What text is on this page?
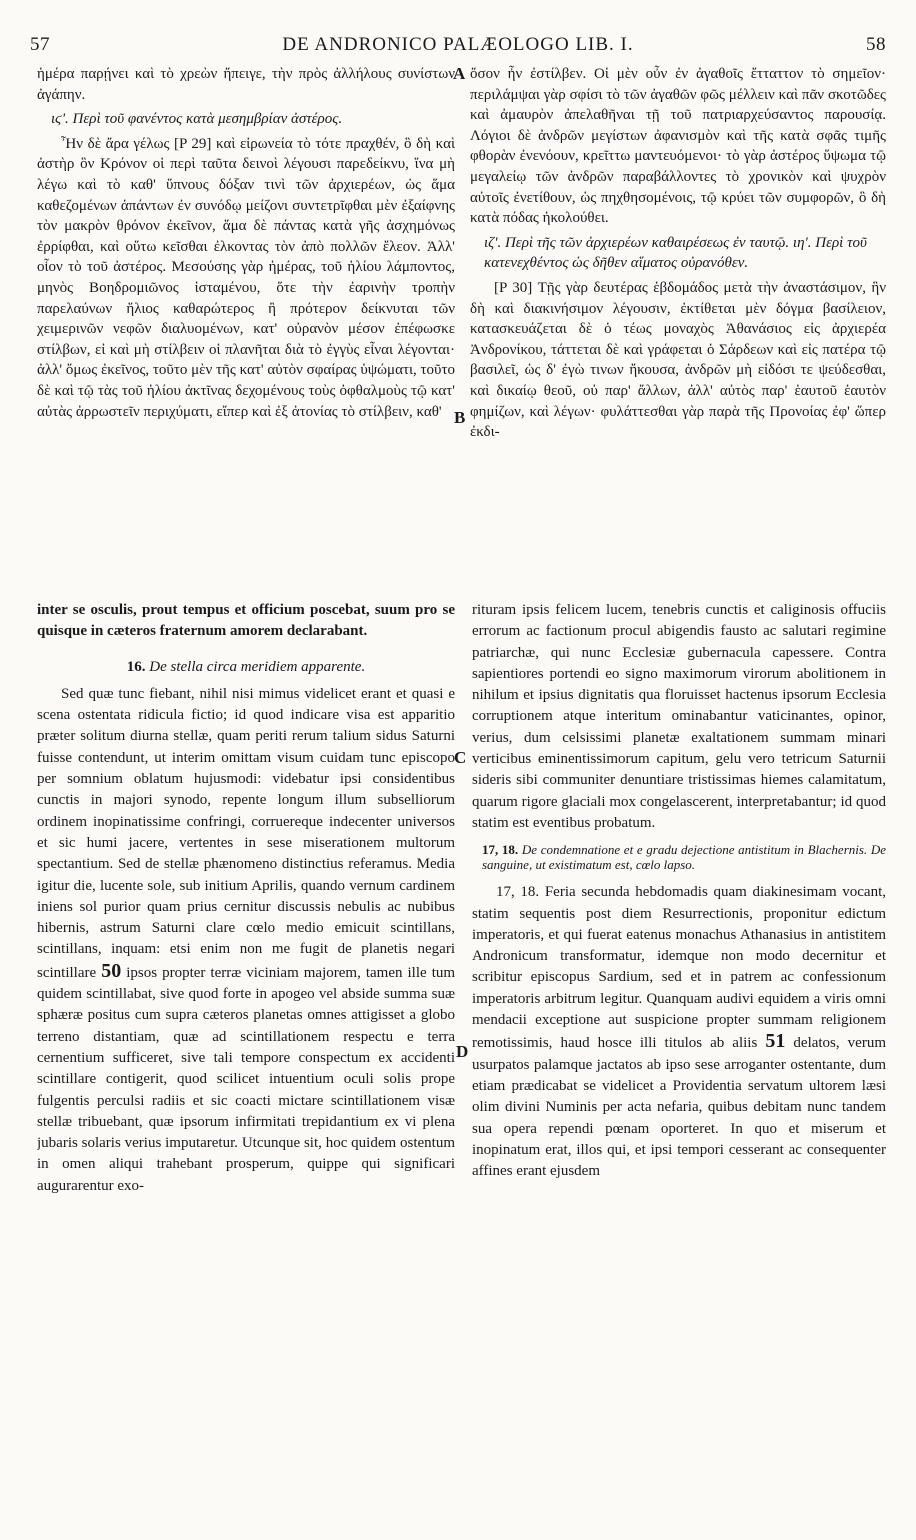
57	DE ANDRONICO PALÆOLOGO LIB. I.	58

ἡμέρα παρῄνει καὶ τὸ χρεὼν ἤπειγε, τὴν πρὸς ἀλλήλους συνίστων ἀγάπην.

ιϛ'. Περὶ τοῦ φανέντος κατὰ μεσημβρίαν ἀστέρος.

Ἦν δὲ ἄρα γέλως [P 29] καὶ εἰρωνεία τὸ τότε πραχθέν, ὃ δὴ καὶ ἀστὴρ ὃν Κρόνον οἱ περὶ ταῦτα δεινοὶ λέγουσι παρεδείκνυ, ἵνα μὴ λέγω καὶ τὸ καθ' ὕπνους δόξαν τινὶ τῶν ἀρχιερέων, ὡς ἅμα καθεζομένων ἁπάντων ἐν συνόδῳ μείζονι συντετρῖφθαι μὲν ἐξαίφνης τὸν μακρὸν θρόνον ἐκεῖνον, ἅμα δὲ πάντας κατὰ γῆς ἀσχημόνως ἐρρίφθαι, καὶ οὕτω κεῖσθαι ἐλκοντας τὸν ἀπὸ πολλῶν ἔλεον. Ἀλλ' οἷον τὸ τοῦ ἀστέρος. Μεσούσης γὰρ ἡμέρας, τοῦ ἡλίου λάμποντος, μηνὸς Βοηδρομιῶνος ἱσταμένου, ὅτε τὴν ἐαρινὴν τροπὴν παρελαύνων ἥλιος καθαρώτερος ἢ πρότερον δείκνυται τῶν χειμερινῶν νεφῶν διαλυομένων, κατ' οὐρανὸν μέσον ἐπέφωσκε στίλβων, εἰ καὶ μὴ στίλβειν οἱ πλανῆται διὰ τὸ ἐγγὺς εἶναι λέγονται· ἀλλ' ὅμως ἐκεῖνος, τοῦτο μὲν τῆς κατ' αὐτὸν σφαίρας ὑψώματι, τοῦτο δὲ καὶ τῷ τὰς τοῦ ἡλίου ἀκτῖνας δεχομένους τοὺς ὀφθαλμοὺς τῷ κατ' αὐτὰς ἀρρωστεῖν περιχύματι, εἴπερ καὶ ἐξ ἀτονίας τὸ στίλβειν, καθ'

ὅσον ἦν ἐστίλβεν. Οἱ μὲν οὖν ἐν ἀγαθοῖς ἔτταττον τὸ σημεῖον· περιλάμψαι γὰρ σφίσι τὸ τῶν ἀγαθῶν φῶς μέλλειν καὶ πᾶν σκοτῶδες καὶ ἀμαυρὸν ἀπελαθῆναι τῇ τοῦ πατριαρχεύσαντος παρουσίᾳ. Λόγιοι δὲ ἀνδρῶν μεγίστων ἀφανισμὸν καὶ τῆς κατὰ σφᾶς τιμῆς φθορὰν ἐνενόουν, κρεῖττω μαντευόμενοι· τὸ γὰρ ἀστέρος ὕψωμα τῷ μεγαλείῳ τῶν ἀνδρῶν παραβάλλοντες τὸ χρονικὸν καὶ ψυχρὸν αὐτοῖς ἐνετίθουν, ὡς πηχθησομένοις, τῷ κρύει τῶν συμφορῶν, ὃ δὴ κατὰ πόδας ἠκολούθει.

ιζ'. Περὶ τῆς τῶν ἀρχιερέων καθαιρέσεως ἐν ταυτῷ. ιη'. Περὶ τοῦ κατενεχθέντος ὡς δῆθεν αἵματος οὐρανόθεν.

[P 30] Τῇς γὰρ δευτέρας ἑβδομάδος μετὰ τὴν ἀναστάσιμον, ἣν δὴ καὶ διακινήσιμον λέγουσιν, ἐκτίθεται μὲν δόγμα βασίλειον, κατασκευάζεται δὲ ὁ τέως μοναχὸς Ἀθανάσιος εἰς ἀρχιερέα Ἀνδρονίκου, τάττεται δὲ καὶ γράφεται ὁ Σάρδεων καὶ εἰς πατέρα τῷ βασιλεῖ, ὡς δ' ἐγὼ τινων ἤκουσα, ἀνδρῶν μὴ εἰδόσι τε ψεύδεσθαι, καὶ δικαίῳ θεοῦ, οὐ παρ' ἄλλων, ἀλλ' αὐτὸς παρ' ἑαυτοῦ ἑαυτὸν φημίζων, καὶ λέγων· φυλάττεσθαι γὰρ παρὰ τῆς Προνοίας ἐφ' ὥπερ ἐκδι-

inter se osculis, prout tempus et officium poscebat, suum pro se quisque in cæteros fraternum amorem declarabant.

16. De stella circa meridiem apparente.

Sed quæ tunc fiebant, nihil nisi mimus videlicet erant et quasi e scena ostentata ridicula fictio; id quod indicare visa est apparitio præter solitum diurna stellæ, quam periti rerum talium sidus Saturni fuisse contendunt, ut interim omittam visum cuidam tunc episcopo per somnium oblatum hujusmodi: videbatur ipsi considentibus cunctis in majori synodo, repente longum illum subselliorum ordinem inopinatissime confringi, corruereque indecenter universos et sic humi jacere, vertentes in sese miserationem multorum spectantium. Sed de stellæ phænomeno distinctius referamus. Media igitur die, lucente sole, sub initium Aprilis, quando vernum cardinem iniens sol purior quam prius cernitur discussis nebulis ac nubibus hibernis, astrum Saturni clare cœlo medio emicuit scintillans, scintillans, inquam: etsi enim non me fugit de planetis negari scintillare 50 ipsos propter terræ viciniam majorem, tamen ille tum quidem scintillabat, sive quod forte in apogeo vel abside summa suæ sphæræ positus cum supra cæteros planetas omnes attigisset a globo terreno distantiam, quæ ad scintillationem respectu e terra cernentium sufficeret, sive tali tempore conspectum ex accidenti scintillare contigerit, quod scilicet intuentium oculi solis prope fulgentis perculsi radiis et sic coacti mictare scintillationem visæ stellæ tribuebant, quæ ipsorum infirmitati trepidantium ex vi plena jubaris solaris verius imputaretur. Utcunque sit, hoc quidem ostentum in omen aliqui trahebant prosperum, quippe qui significari augurarentur exo-

rituram ipsis felicem lucem, tenebris cunctis et caliginosis offuciis errorum ac factionum procul abigendis fausto ac salutari regimine patriarchæ, qui nunc Ecclesiæ gubernacula capessere. Contra sapientiores portendi eo signo maximorum virorum abolitionem in nihilum et ipsius dignitatis qua floruisset hactenus ipsorum Ecclesia corruptionem atque interitum ominabantur vaticinantes, opinor, verius, dum celsissimi planetæ exaltationem summam minari verticibus eminentissimorum capitum, gelu vero tetricum Saturnii sideris sibi communiter denuntiare tristissimas hiemes calamitatum, quarum rigore glaciali mox congelascerent, interpretabantur; id quod statim est eventibus probatum.

17, 18. De condemnatione et e gradu dejectione antistitum in Blachernis. De sanguine, ut existimatum est, cœlo lapso.

17, 18. Feria secunda hebdomadis quam diakinesimam vocant, statim sequentis post diem Resurrectionis, proponitur edictum imperatoris, et qui fuerat eatenus monachus Athanasius in antistitem Andronicum transformatur, idemque non modo decernitur et scribitur episcopus Sardium, sed et in patrem ac confessionum imperatoris arbitrum legitur. Quanquam audivi equidem a viris omni mendacii exceptione aut suspicione propter summam religionem remotissimis, haud hosce illi titulos ab aliis 51 delatos, verum usurpatos palamque jactatos ab ipso sese arroganter ostentante, dum etiam prædicabat se videlicet a Providentia servatum ultorem læsi olim divini Numinis per acta nefaria, quibus debitam nunc tandem sua opera rependi pœnam oporteret. In quo et miserum et inopinatum erat, illos qui, et ipsi tempori cesserant ac consequenter affines erant ejusdem

A
B
C
D
